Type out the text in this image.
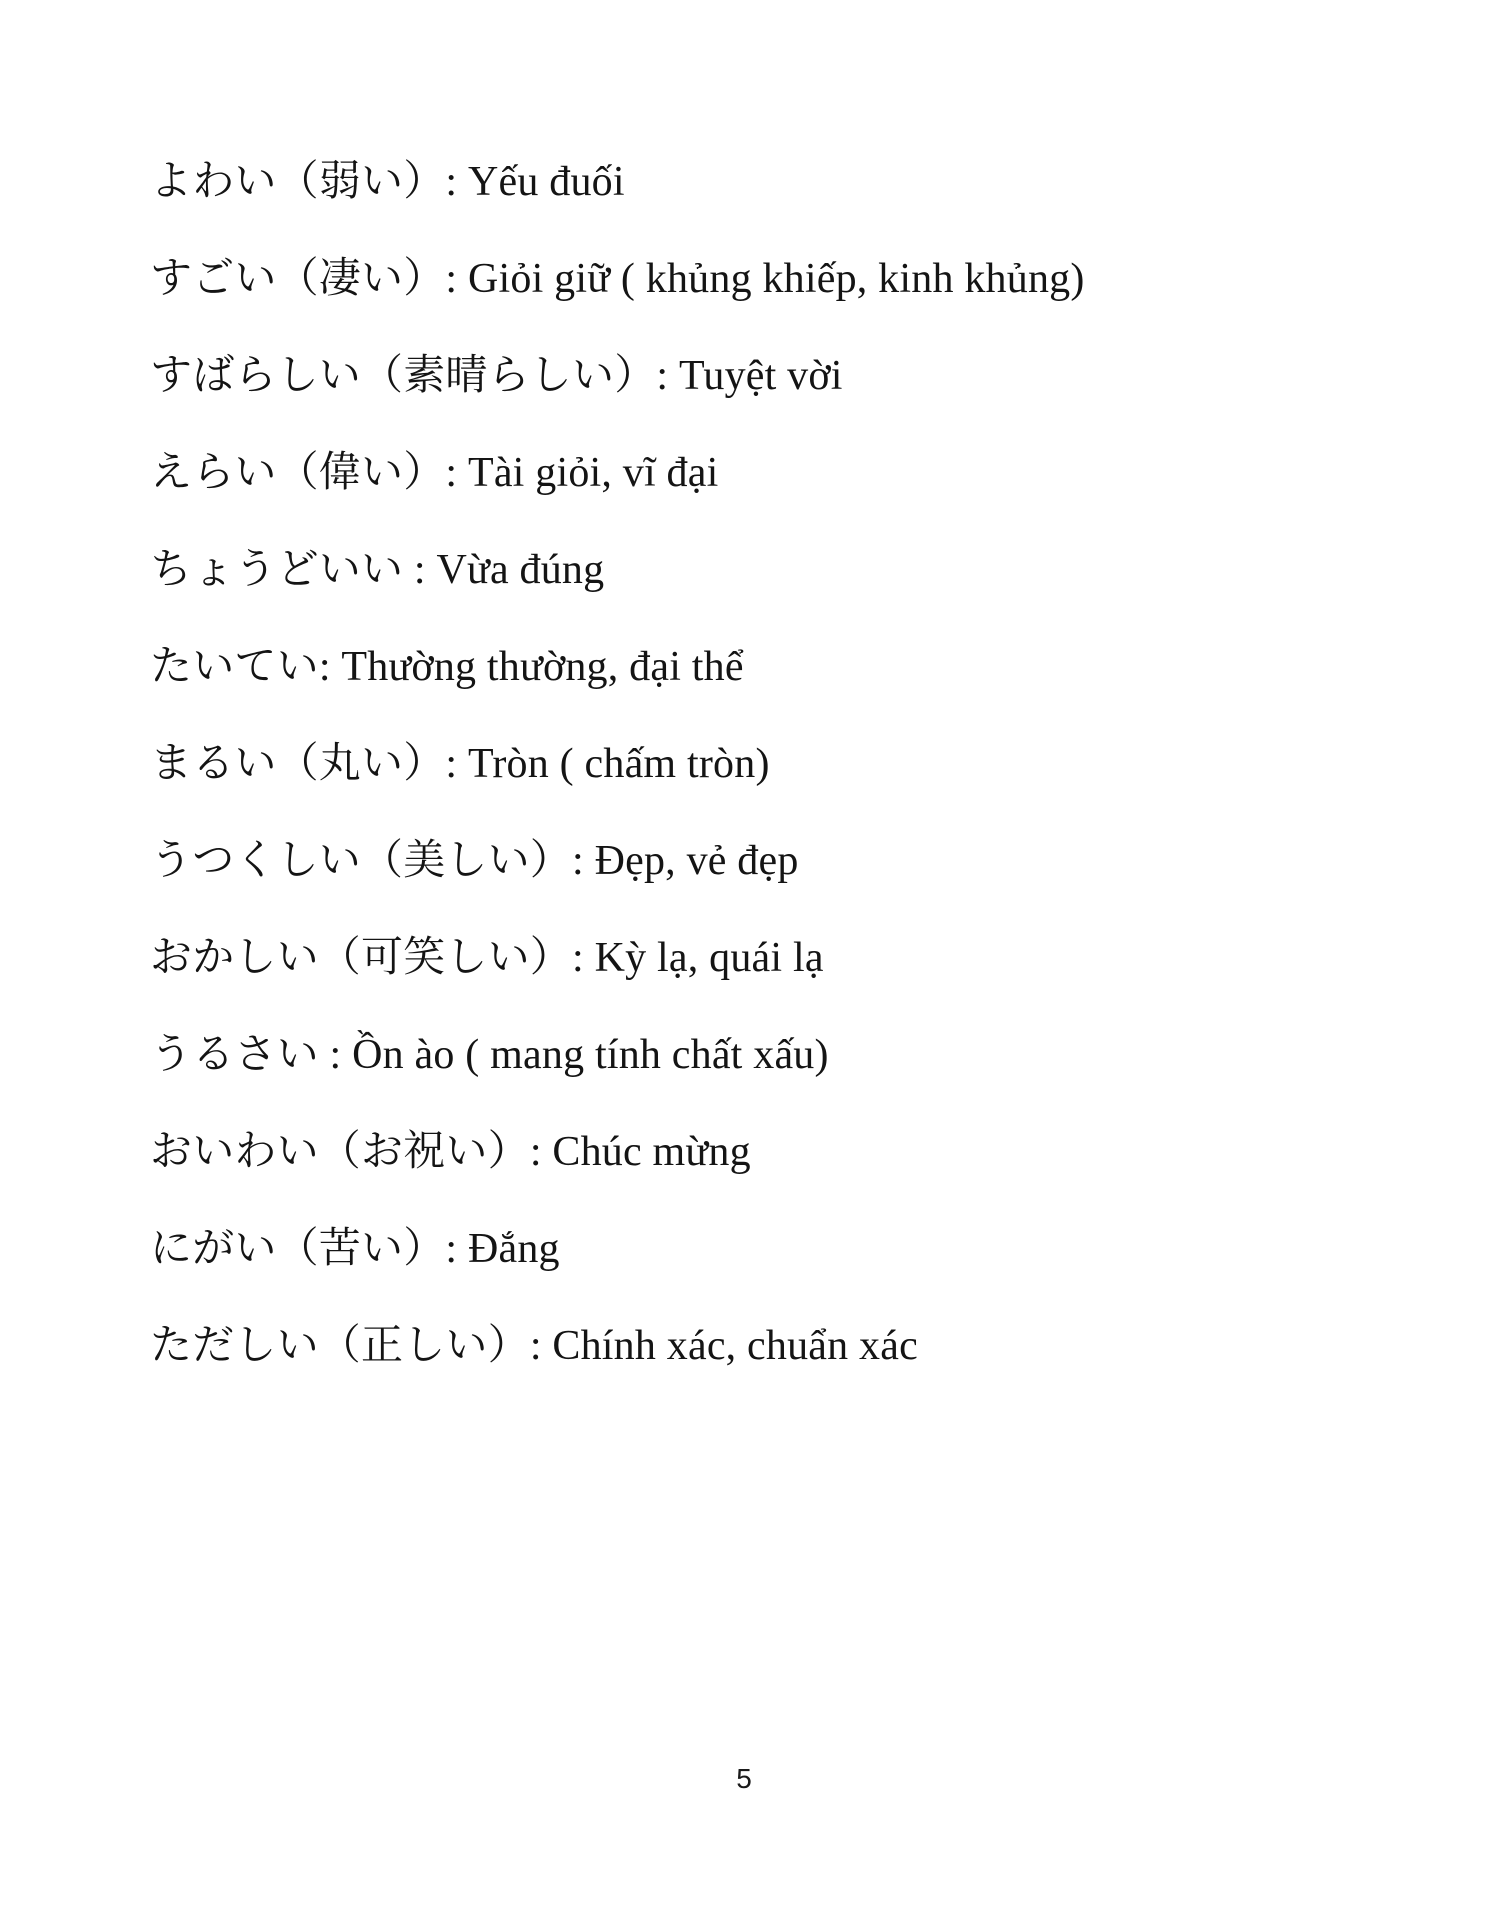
よわい（弱い）: Yếu đuối

すごい（凄い）: Giỏi giữ ( khủng khiếp, kinh khủng)

すばらしい（素晴らしい）: Tuyệt vời

えらい（偉い）: Tài giỏi, vĩ đại

ちょうどいい : Vừa đúng

たいてい: Thường thường, đại thể

まるい（丸い）: Tròn ( chấm tròn)

うつくしい（美しい）: Đẹp, vẻ đẹp

おかしい（可笑しい）: Kỳ lạ, quái lạ

うるさい : Ồn ào ( mang tính chất xấu)

おいわい（お祝い）: Chúc mừng

にがい（苦い）: Đắng

ただしい（正しい）: Chính xác, chuẩn xác

5
